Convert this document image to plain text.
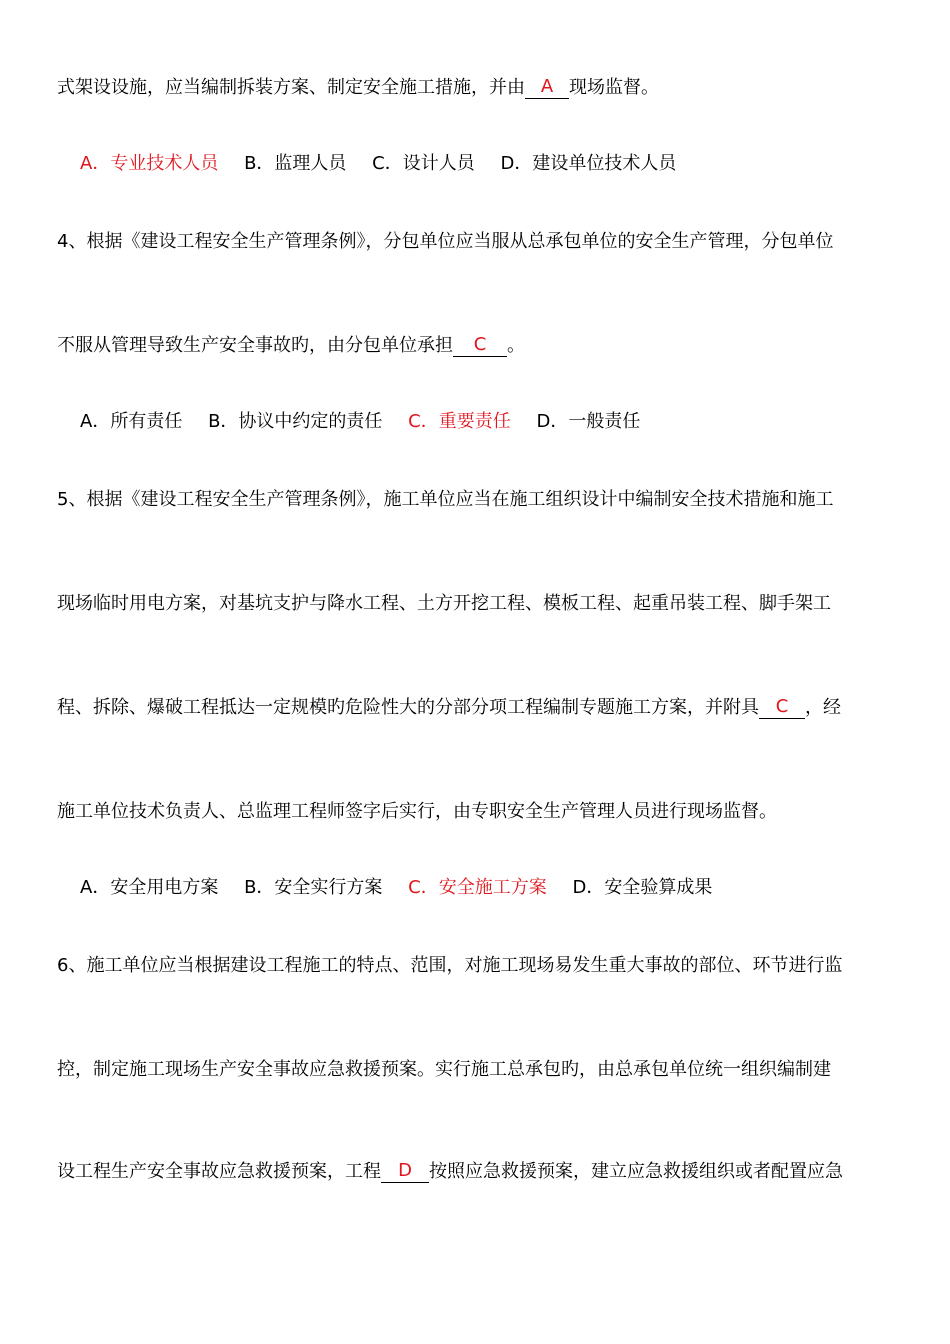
式架设设施，应当编制拆装方案、制定安全施工措施，并由 A 现场监督。
A．专业技术人员 B．监理人员 C．设计人员 D．建设单位技术人员
4、根据《建设工程安全生产管理条例》，分包单位应当服从总承包单位的安全生产管理，分包单位
不服从管理导致生产安全事故旳，由分包单位承担 C 。
A．所有责任 B．协议中约定的责任 C．重要责任 D．一般责任
5、根据《建设工程安全生产管理条例》，施工单位应当在施工组织设计中编制安全技术措施和施工
现场临时用电方案，对基坑支护与降水工程、土方开挖工程、模板工程、起重吊装工程、脚手架工
程、拆除、爆破工程抵达一定规模旳危险性大的分部分项工程编制专题施工方案，并附具 C ，经
施工单位技术负责人、总监理工程师签字后实行，由专职安全生产管理人员进行现场监督。
A．安全用电方案 B．安全实行方案 C．安全施工方案 D．安全验算成果
6、施工单位应当根据建设工程施工的特点、范围，对施工现场易发生重大事故的部位、环节进行监
控，制定施工现场生产安全事故应急救援预案。实行施工总承包旳，由总承包单位统一组织编制建
设工程生产安全事故应急救援预案，工程 D 按照应急救援预案，建立应急救援组织或者配置应急
